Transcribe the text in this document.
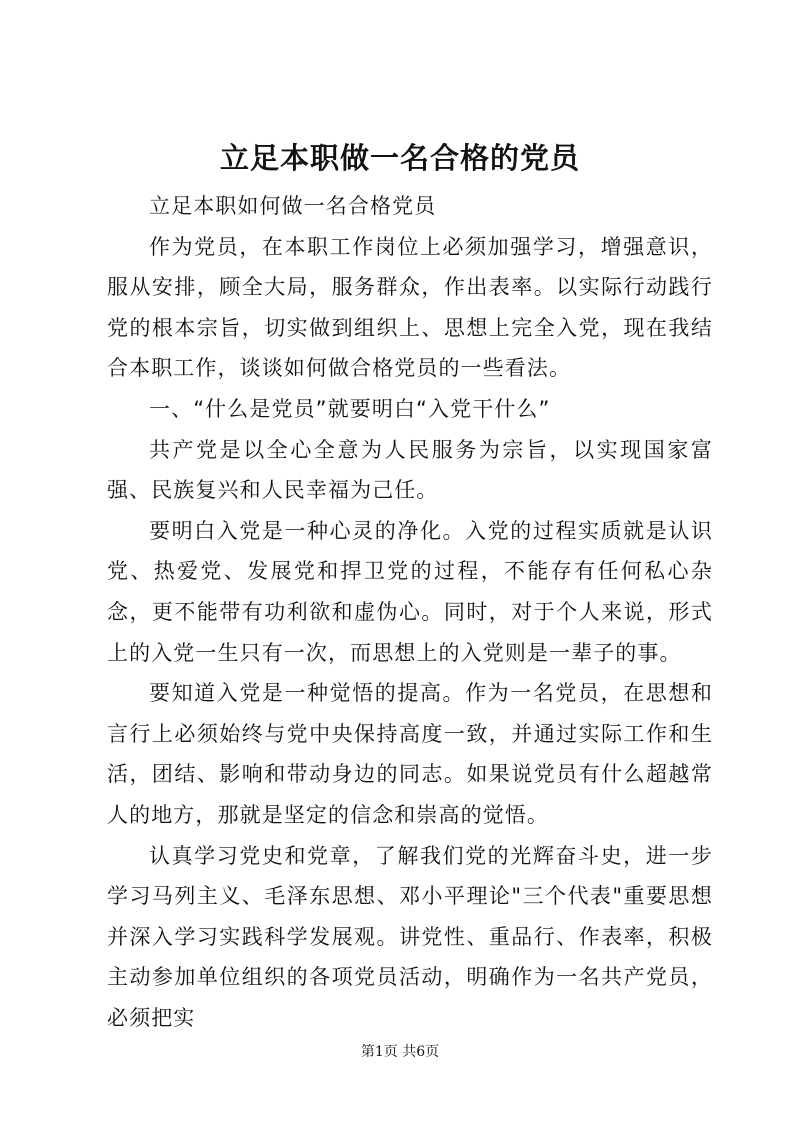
立足本职做一名合格的党员

立足本职如何做一名合格党员

作为党员，在本职工作岗位上必须加强学习，增强意识，服从安排，顾全大局，服务群众，作出表率。以实际行动践行党的根本宗旨，切实做到组织上、思想上完全入党，现在我结合本职工作，谈谈如何做合格党员的一些看法。

一、“什么是党员”就要明白“入党干什么”

共产党是以全心全意为人民服务为宗旨，以实现国家富强、民族复兴和人民幸福为己任。

要明白入党是一种心灵的净化。入党的过程实质就是认识党、热爱党、发展党和捍卫党的过程，不能存有任何私心杂念，更不能带有功利欲和虚伪心。同时，对于个人来说，形式上的入党一生只有一次，而思想上的入党则是一辈子的事。

要知道入党是一种觉悟的提高。作为一名党员，在思想和言行上必须始终与党中央保持高度一致，并通过实际工作和生活，团结、影响和带动身边的同志。如果说党员有什么超越常人的地方，那就是坚定的信念和崇高的觉悟。

认真学习党史和党章，了解我们党的光辉奋斗史，进一步学习马列主义、毛泽东思想、邓小平理论"三个代表"重要思想并深入学习实践科学发展观。讲党性、重品行、作表率，积极主动参加单位组织的各项党员活动，明确作为一名共产党员，必须把实

第1页 共6页
